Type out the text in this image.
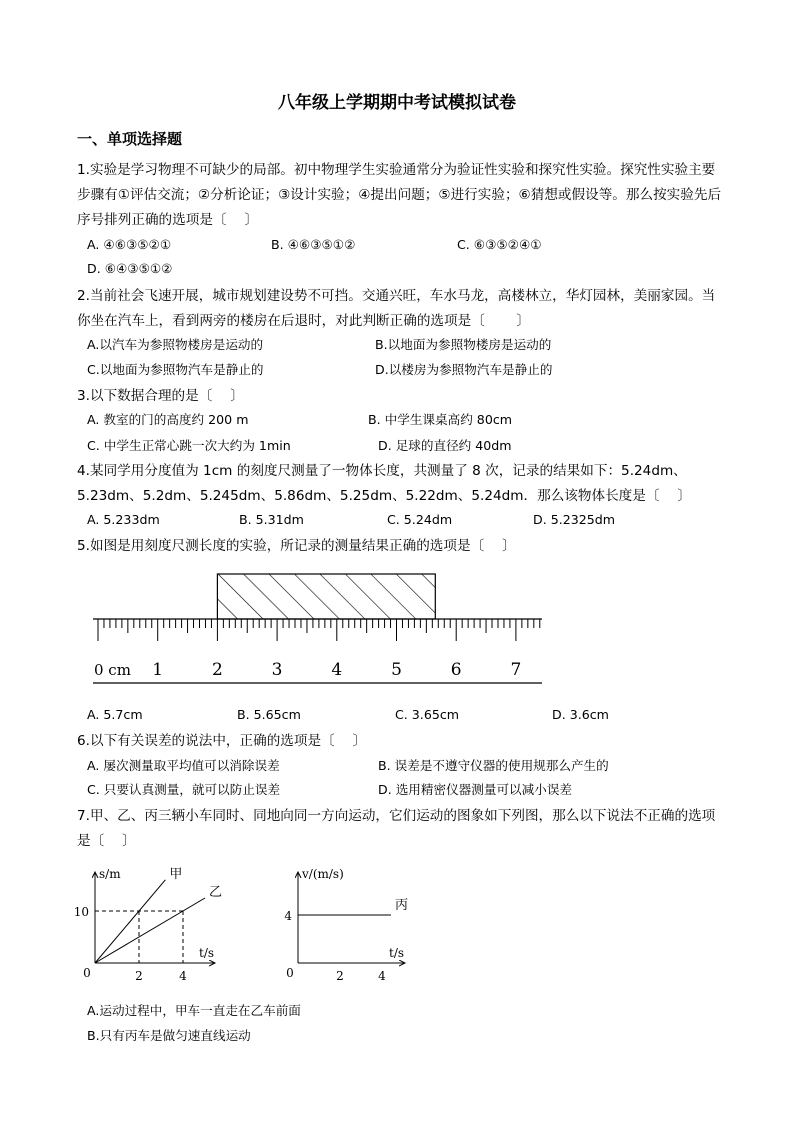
八年级上学期期中考试模拟试卷
一、单项选择题
1.实验是学习物理不可缺少的局部。初中物理学生实验通常分为验证性实验和探究性实验。探究性实验主要步骤有①评估交流；②分析论证；③设计实验；④提出问题；⑤进行实验；⑥猜想或假设等。那么按实验先后序号排列正确的选项是〔 　〕
A. ④⑥③⑤②①	B. ④⑥③⑤①②	C. ⑥③⑤②④①
D. ⑥④③⑤①②
2.当前社会飞速开展，城市规划建设势不可挡。交通兴旺，车水马龙，高楼林立，华灯园林，美丽家园。当你坐在汽车上，看到两旁的楼房在后退时，对此判断正确的选项是〔 　　〕
A.以汽车为参照物楼房是运动的	B.以地面为参照物楼房是运动的
C.以地面为参照物汽车是静止的	D.以楼房为参照物汽车是静止的
3.以下数据合理的是〔 　〕
A. 教室的门的高度约 200 m	B. 中学生课桌高约 80cm
C. 中学生正常心跳一次大约为 1min	D. 足球的直径约 40dm
4.某同学用分度值为 1cm 的刻度尺测量了一物体长度，共测量了 8 次，记录的结果如下：5.24dm、5.23dm、5.2dm、5.245dm、5.86dm、5.25dm、5.22dm、5.24dm．那么该物体长度是〔 　〕
A. 5.233dm	B. 5.31dm	C. 5.24dm	D. 5.2325dm
5.如图是用刻度尺测长度的实验，所记录的测量结果正确的选项是〔 　〕
0 cm 1	2	3	4	5	6	7
A. 5.7cm	B. 5.65cm	C. 3.65cm	D. 3.6cm
6.以下有关误差的说法中，正确的选项是〔 　〕
A. 屡次测量取平均值可以消除误差	B. 误差是不遵守仪器的使用规那么产生的
C. 只要认真测量，就可以防止误差	D. 选用精密仪器测量可以减小误差
7.甲、乙、丙三辆小车同时、同地向同一方向运动，它们运动的图象如下列图，那么以下说法不正确的选项是〔 　〕
0
s/m
t/s
2	4
10
甲
乙
0
v/(m/s)
t/s
2	4
4
丙
A.运动过程中，甲车一直走在乙车前面
B.只有丙车是做匀速直线运动
